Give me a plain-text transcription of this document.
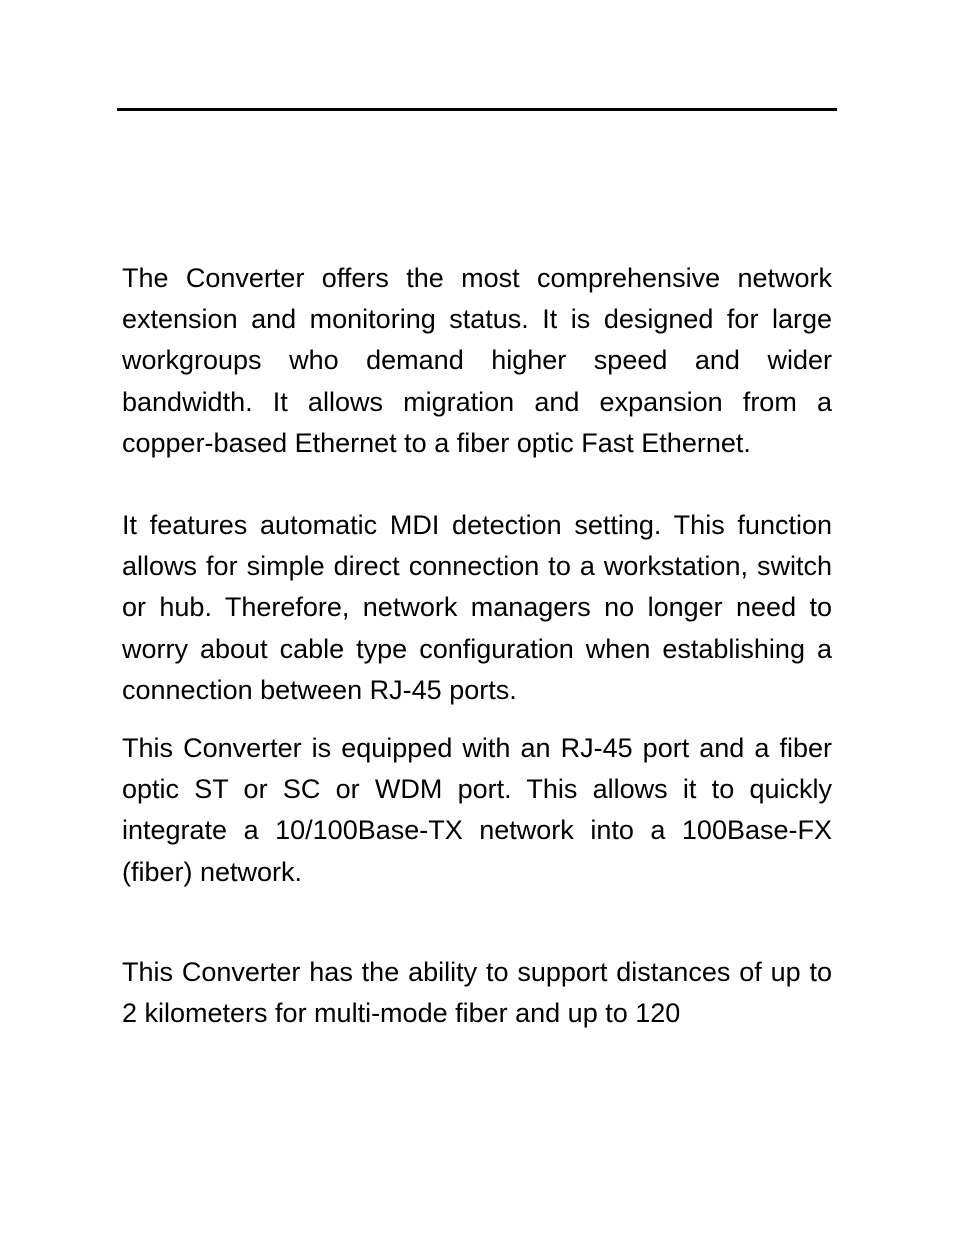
The Converter offers the most comprehensive network extension and monitoring status. It is designed for large workgroups who demand higher speed and wider bandwidth. It allows migration and expansion from a copper-based Ethernet to a fiber optic Fast Ethernet.

It features automatic MDI detection setting. This function allows for simple direct connection to a workstation, switch or hub. Therefore, network managers no longer need to worry about cable type configuration when establishing a connection between RJ-45 ports.

This Converter is equipped with an RJ-45 port and a fiber optic ST or SC or WDM port. This allows it to quickly integrate a 10/100Base-TX network into a 100Base-FX (fiber) network.

This Converter has the ability to support distances of up to 2 kilometers for multi-mode fiber and up to 120
